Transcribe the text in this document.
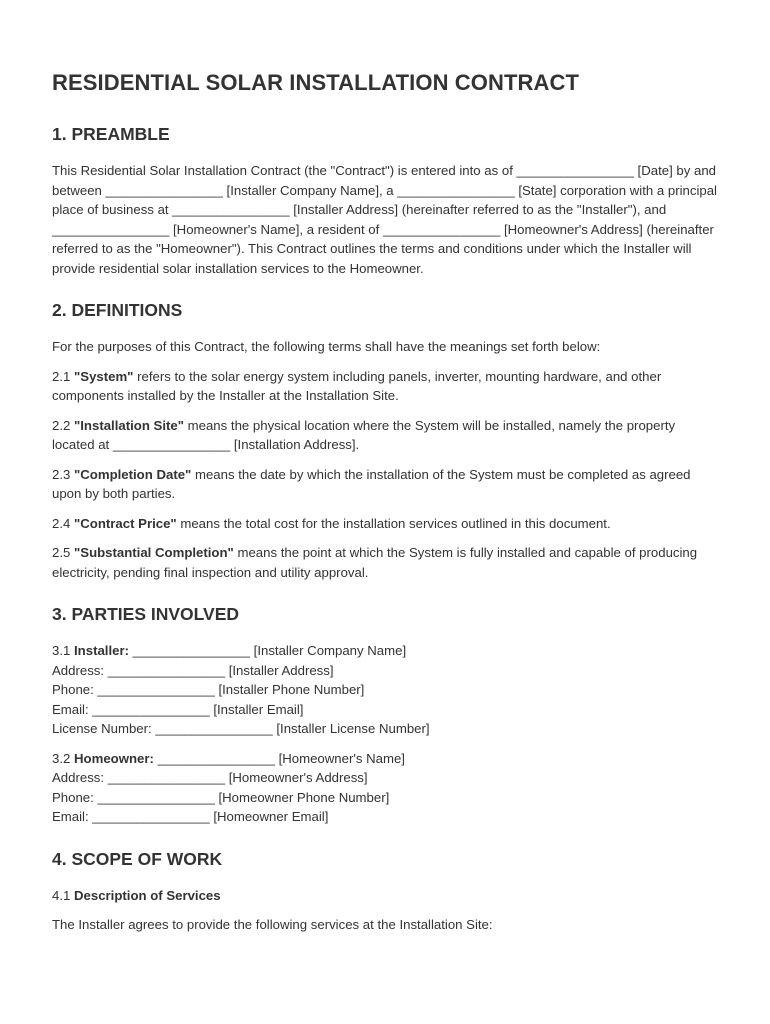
RESIDENTIAL SOLAR INSTALLATION CONTRACT
1. PREAMBLE

This Residential Solar Installation Contract (the "Contract") is entered into as of ________________ [Date] by and between ________________ [Installer Company Name], a ________________ [State] corporation with a principal place of business at ________________ [Installer Address] (hereinafter referred to as the "Installer"), and ________________ [Homeowner's Name], a resident of ________________ [Homeowner's Address] (hereinafter referred to as the "Homeowner"). This Contract outlines the terms and conditions under which the Installer will provide residential solar installation services to the Homeowner.

2. DEFINITIONS

For the purposes of this Contract, the following terms shall have the meanings set forth below:

2.1 "System" refers to the solar energy system including panels, inverter, mounting hardware, and other components installed by the Installer at the Installation Site.

2.2 "Installation Site" means the physical location where the System will be installed, namely the property located at ________________ [Installation Address].

2.3 "Completion Date" means the date by which the installation of the System must be completed as agreed upon by both parties.

2.4 "Contract Price" means the total cost for the installation services outlined in this document.

2.5 "Substantial Completion" means the point at which the System is fully installed and capable of producing electricity, pending final inspection and utility approval.

3. PARTIES INVOLVED

3.1 Installer: ________________ [Installer Company Name]

Address: ________________ [Installer Address]

Phone: ________________ [Installer Phone Number]

Email: ________________ [Installer Email]

License Number: ________________ [Installer License Number]

3.2 Homeowner: ________________ [Homeowner's Name]

Address: ________________ [Homeowner's Address]

Phone: ________________ [Homeowner Phone Number]

Email: ________________ [Homeowner Email]

4. SCOPE OF WORK

4.1 Description of Services

The Installer agrees to provide the following services at the Installation Site:
